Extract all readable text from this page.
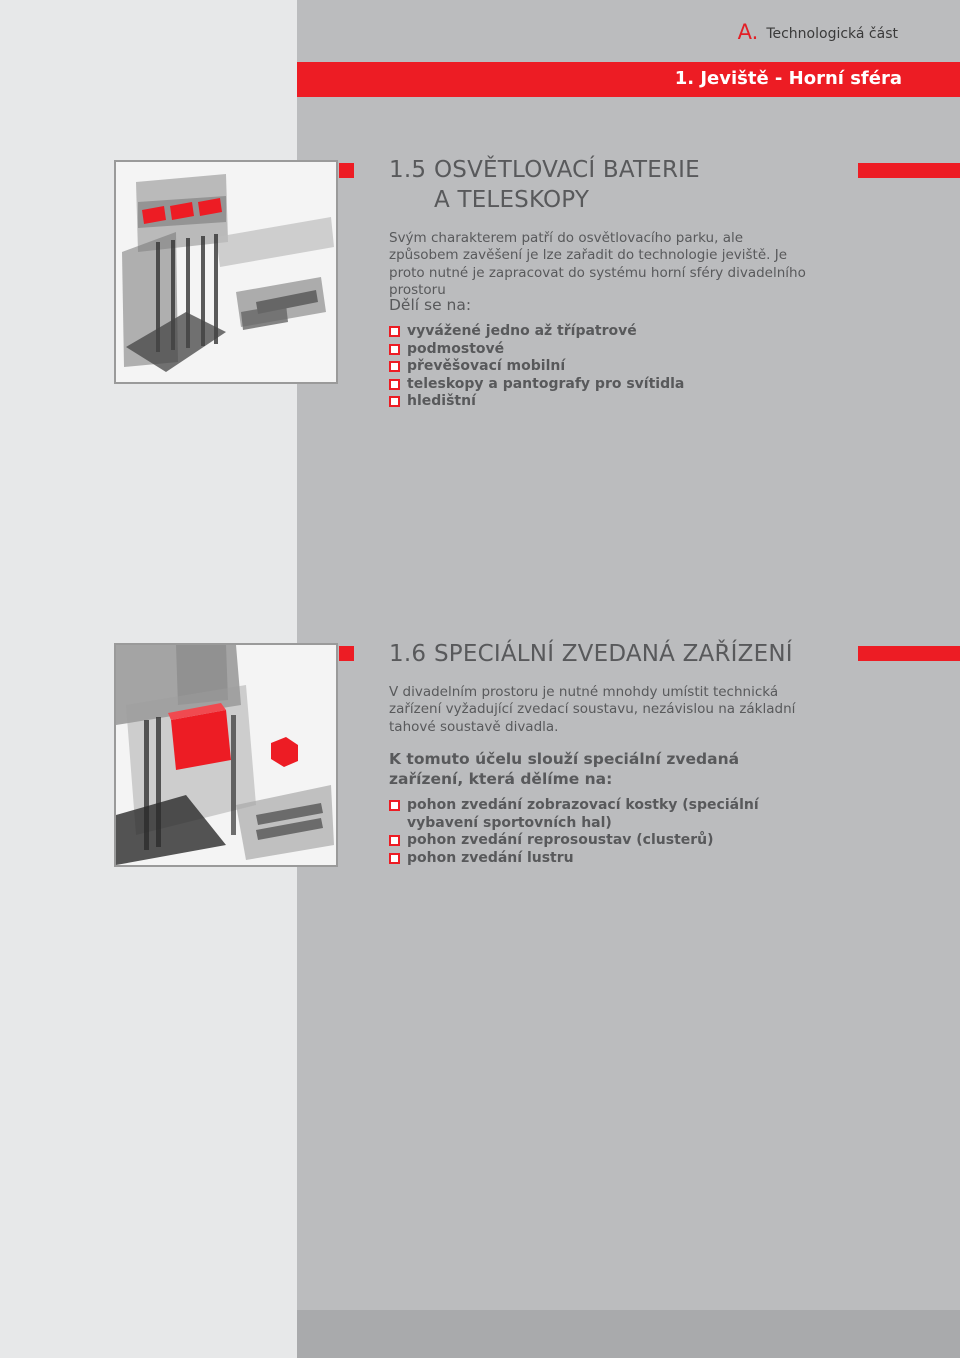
A. Technologická část
1. Jeviště - Horní sféra
1.5 OSVĚTLOVACÍ BATERIE
A TELESKOPY
Svým charakterem patří do osvětlovacího parku, ale způsobem zavěšení je lze zařadit do technologie jeviště. Je proto nutné je zapracovat do systému horní sféry divadelního prostoru
Dělí se na:
vyvážené jedno až třípatrové
podmostové
převěšovací mobilní
teleskopy a pantografy pro svítidla
hledištní
1.6 SPECIÁLNÍ ZVEDANÁ ZAŘÍZENÍ
V divadelním prostoru je nutné mnohdy umístit technická zařízení vyžadující zvedací soustavu, nezávislou na základní tahové soustavě divadla.
K tomuto účelu slouží speciální zvedaná zařízení, která dělíme na:
pohon zvedání zobrazovací kostky (speciální vybavení sportovních hal)
pohon zvedání reprosoustav (clusterů)
pohon zvedání lustru
